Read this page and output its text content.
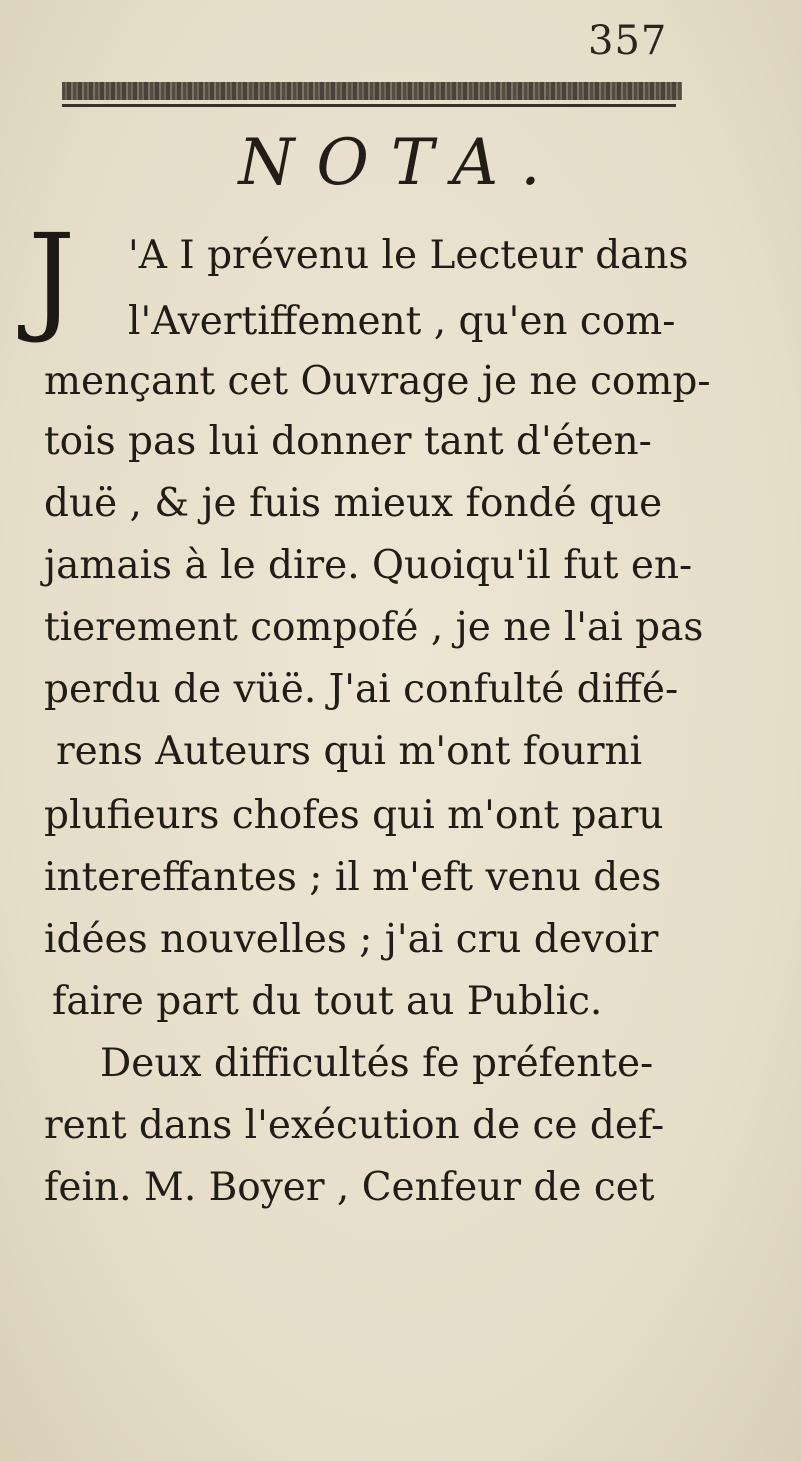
357
NOTA.
J 'A I prévenu le Lecteur dans
l'Avertiffement , qu'en com-
mençant cet Ouvrage je ne comp-
tois pas lui donner tant d'éten-
duë , & je fuis mieux fondé que
jamais à le dire. Quoiqu'il fut en-
tierement compofé , je ne l'ai pas
perdu de vüë. J'ai confulté diffé-
rens Auteurs qui m'ont fourni
plufieurs chofes qui m'ont paru
intereffantes ; il m'eft venu des
idées nouvelles ; j'ai cru devoir
faire part du tout au Public.
Deux difficultés fe préfente-
rent dans l'exécution de ce def-
fein. M. Boyer , Cenfeur de cet
